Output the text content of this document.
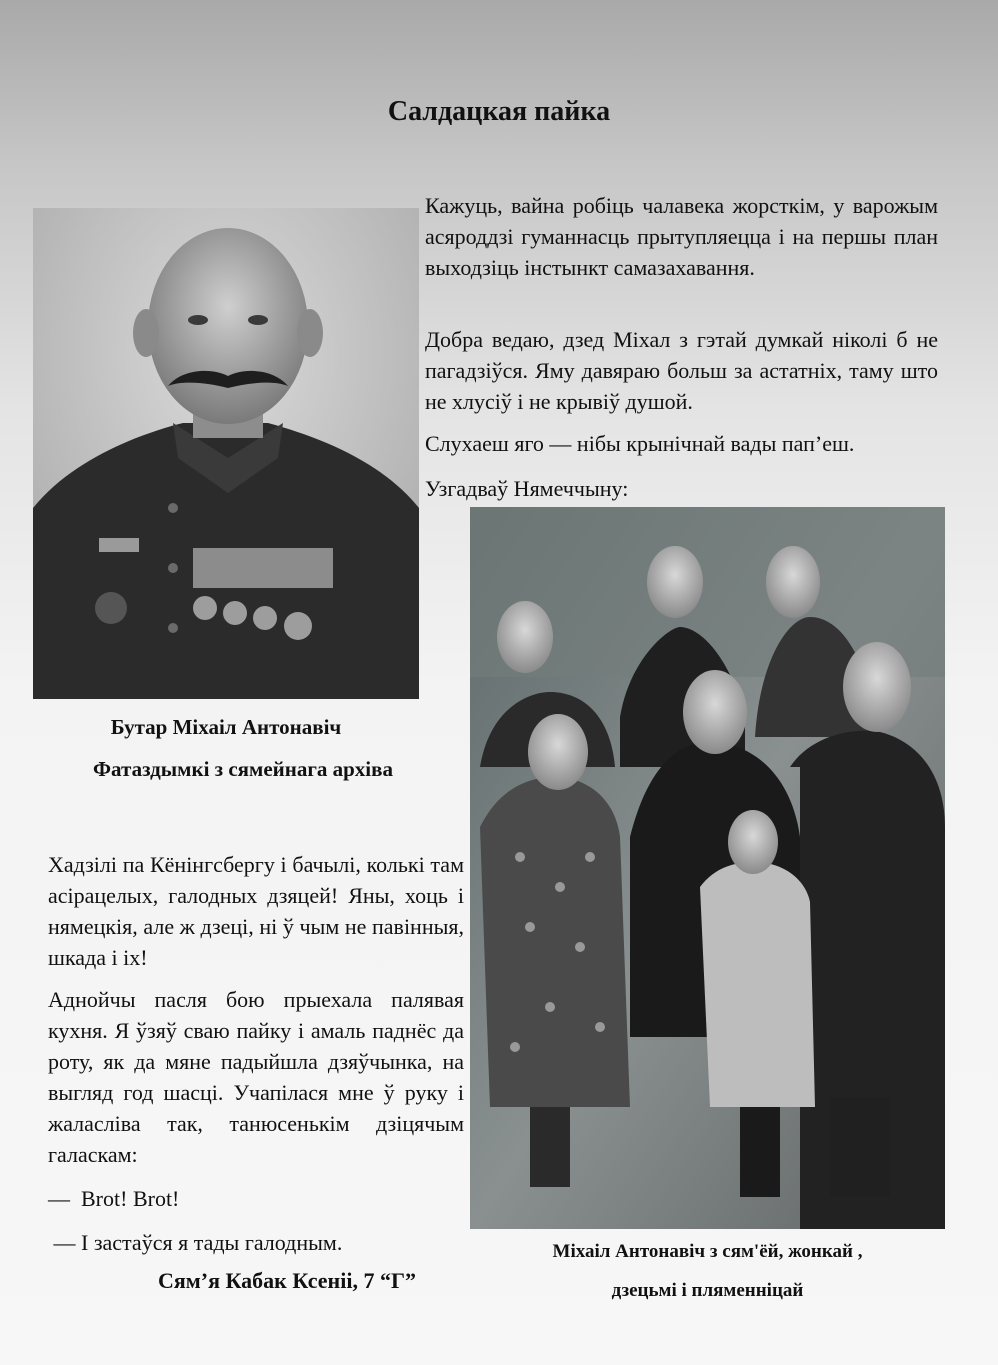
Салдацкая пайка

Кажуць, вайна робіць чалавека жорсткім, у варожым асяроддзі гуманнасць прытупляецца і на першы план выходзіць інстынкт самазахавання.

Добра ведаю, дзед Міхал з гэтай думкай ніколі б не пагадзіўся. Яму давяраю больш за астатніх, таму што не хлусіў і не крывіў душой.

Слухаеш яго — нібы крынічнай вады пап’еш.

Узгадваў Нямеччыну:

Бутар Міхаіл Антонавіч
Фатаздымкі з сямейнага архіва

Хадзілі па Кёнінгсбергу і бачылі, колькі там асірацелых, галодных дзяцей! Яны, хоць і нямецкія, але ж дзеці, ні ў чым не павінныя, шкада і іх!

Аднойчы пасля бою прыехала палявая кухня. Я ўзяў сваю пайку і амаль паднёс да роту, як да мяне падыйшла дзяўчынка, на выгляд год шасці. Учапілася мне ў руку і жаласліва так, танюсенькім дзіцячым галаскам:

—  Brot! Brot!

— І застаўся я тады галодным.

Сям’я Кабак Ксеніі, 7 “Г”
Міхаіл Антонавіч з сям'ёй, жонкай ,
дзецьмі і пляменніцай
